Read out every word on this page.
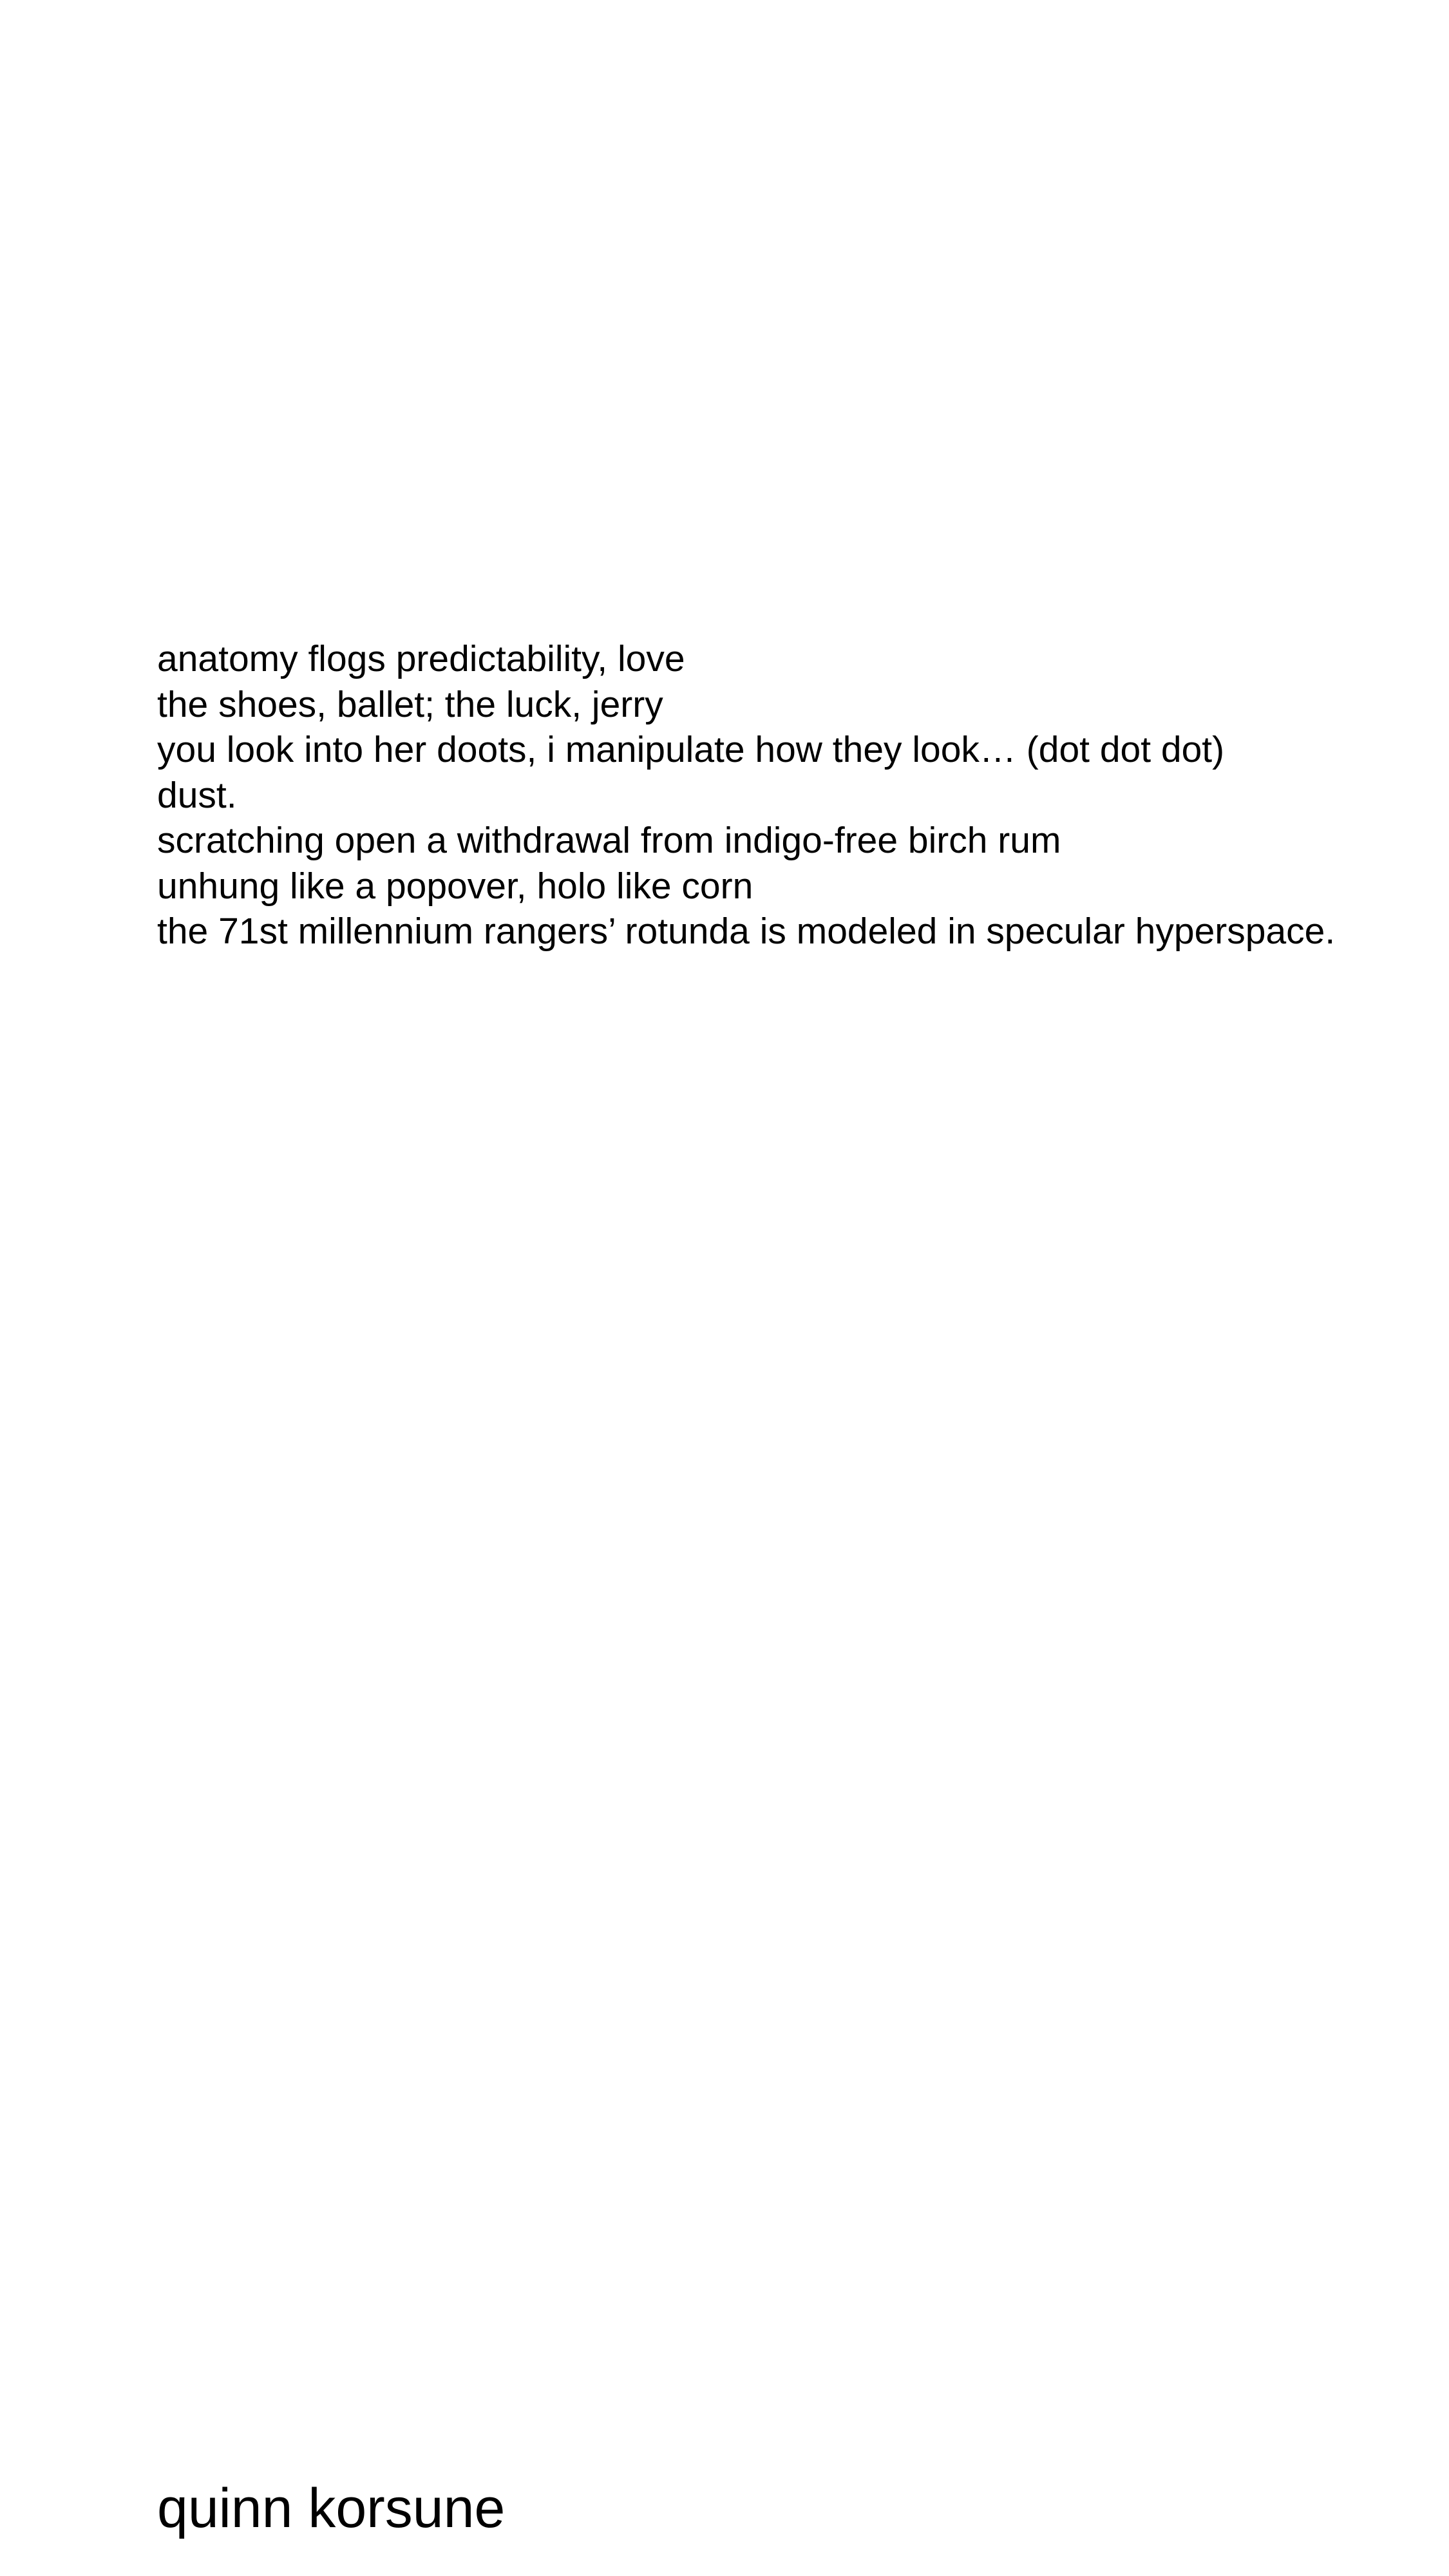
anatomy flogs predictability, love
the shoes, ballet; the luck, jerry
you look into her doots, i manipulate how they look… (dot dot dot)
dust.
scratching open a withdrawal from indigo-free birch rum
unhung like a popover, holo like corn
the 71st millennium rangers’ rotunda is modeled in specular hyperspace.
quinn korsune
